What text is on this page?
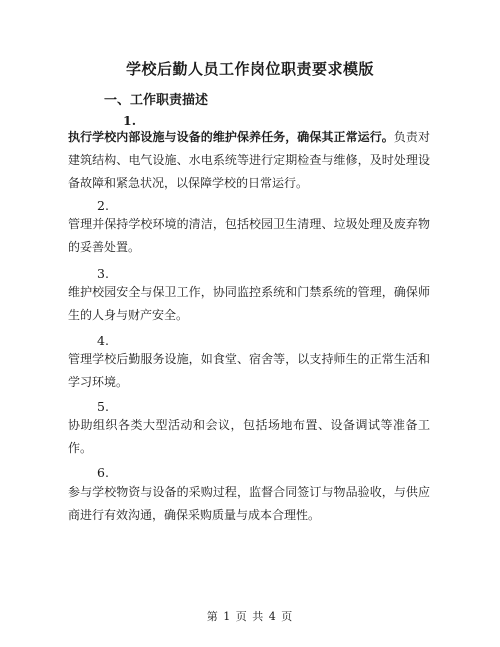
学校后勤人员工作岗位职责要求模版
一、工作职责描述
1.
执行学校内部设施与设备的维护保养任务，确保其正常运行。负责对建筑结构、电气设施、水电系统等进行定期检查与维修，及时处理设备故障和紧急状况，以保障学校的日常运行。
2.
管理并保持学校环境的清洁，包括校园卫生清理、垃圾处理及废弃物的妥善处置。
3.
维护校园安全与保卫工作，协同监控系统和门禁系统的管理，确保师生的人身与财产安全。
4.
管理学校后勤服务设施，如食堂、宿舍等，以支持师生的正常生活和学习环境。
5.
协助组织各类大型活动和会议，包括场地布置、设备调试等准备工作。
6.
参与学校物资与设备的采购过程，监督合同签订与物品验收，与供应商进行有效沟通，确保采购质量与成本合理性。
第 1 页 共 4 页
